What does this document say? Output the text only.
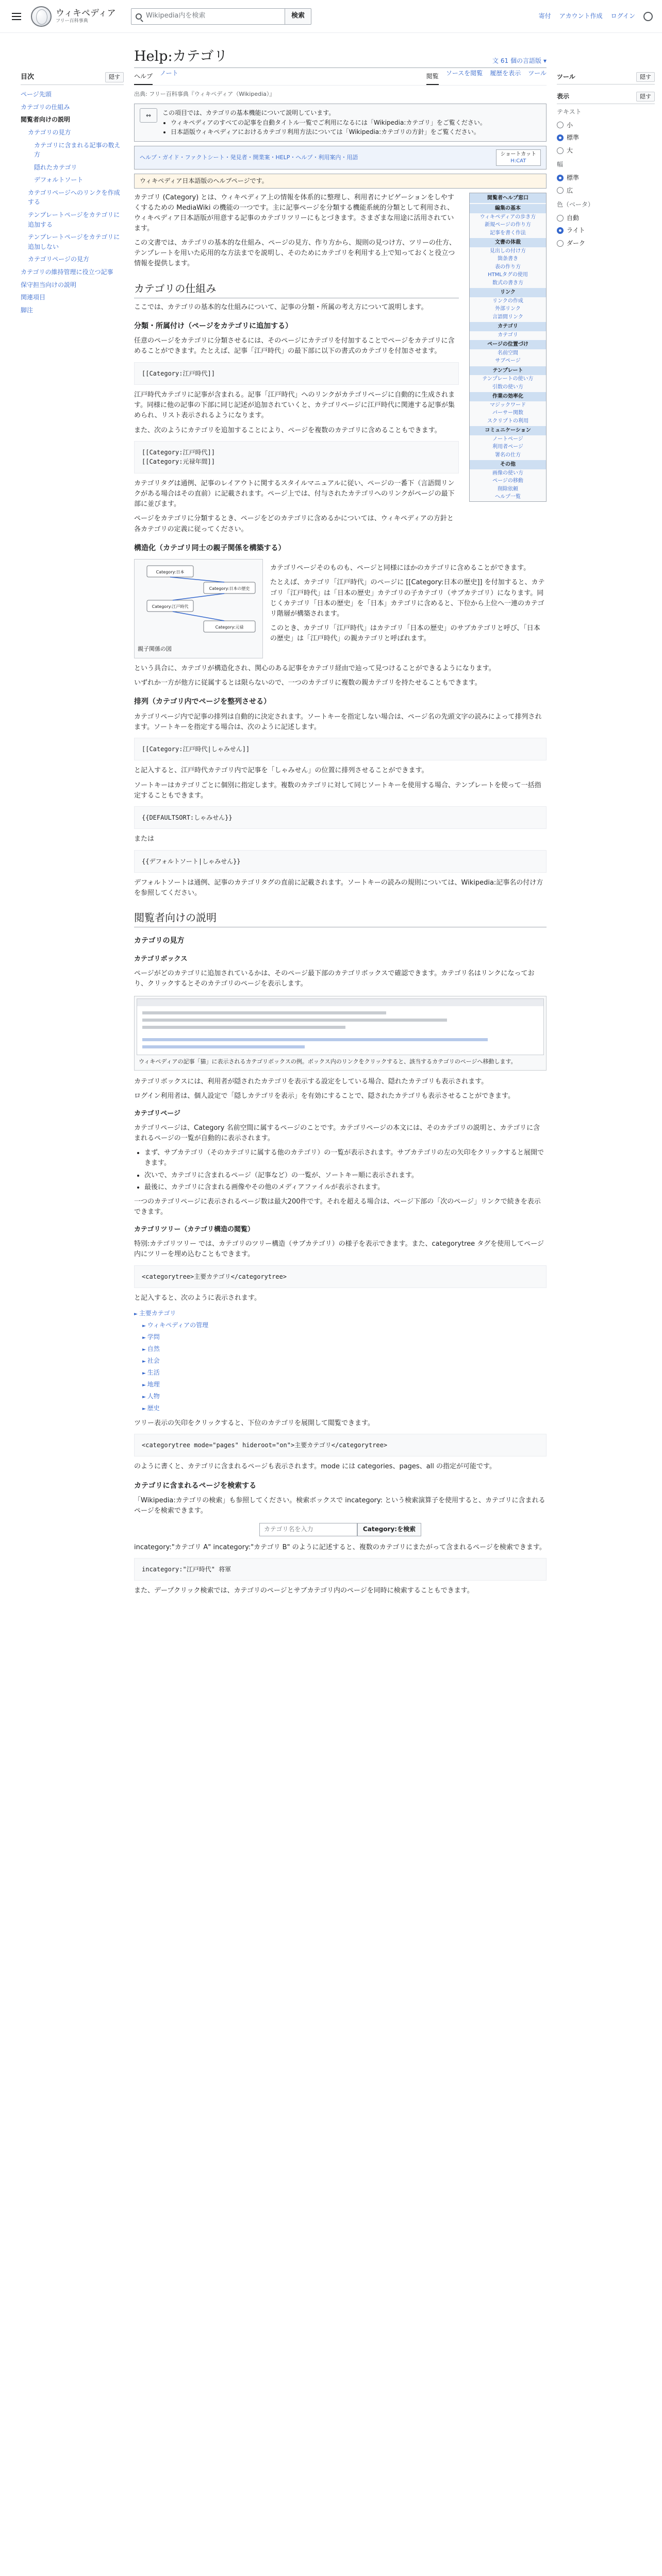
ウィキペディア
フリー百科事典
Wikipedia内を検索	検索	寄付 アカウント作成 ログイン
目次	隠す
ページ先頭
カテゴリの仕組み
閲覧者向けの説明
カテゴリの見方
カテゴリに含まれる記事の数え方
隠れたカテゴリ
デフォルトソート
カテゴリページへのリンクを作成する
テンプレートページをカテゴリに追加する
テンプレートページをカテゴリに追加しない
カテゴリページの見方
カテゴリの維持管理に役立つ記事
保守担当向けの説明
関連項目
脚注
ツール	隠す
表示	隠す
テキスト
小
標準
大
幅
標準
広
色（ベータ）
自動
ライト
ダーク
Help:カテゴリ	文 61 個の言語版 ▾
ヘルプ ノート	閲覧 ソースを閲覧 履歴を表示 ツール
出典: フリー百科事典『ウィキペディア（Wikipedia）』
↔	この項目では、カテゴリの基本機能について説明しています。
• ウィキペディアのすべての記事を自動タイトル一覧でご利用になるには「Wikipedia:カテゴリ」をご覧ください。
• 日本語版ウィキペディアにおけるカテゴリ利用方法については「Wikipedia:カテゴリの方針」をご覧ください。
ヘルプ・ガイド・ファクトシート・発見者・開業案・HELP・ヘルプ・利用案内・用語	ショートカット
H:CAT
ウィキペディア日本語版のヘルプページです。
閲覧者ヘルプ窓口
編集の基本
ウィキペディアの歩き方
新規ページの作り方
記事を書く作法
文書の体裁
見出しの付け方
箇条書き
表の作り方
HTMLタグの使用
数式の書き方
リンク
リンクの作成
外部リンク
言語間リンク
カテゴリ
カテゴリ
ページの位置づけ
名前空間
サブページ
テンプレート
テンプレートの使い方
引数の使い方
作業の効率化
マジックワード
パーサー関数
スクリプトの利用
コミュニケーション
ノートページ
利用者ページ
署名の仕方
その他
画像の使い方
ページの移動
削除依頼
ヘルプ一覧

カテゴリ (Category) とは、ウィキペディア上の情報を体系的に整理し、利用者にナビゲーションをしやすくするための MediaWiki の機能の一つです。主に記事ページを分類する機能系統的分類として利用され、ウィキペディア日本語版が用意する記事のカテゴリツリーにもとづきます。さまざまな用途に活用されています。

この文書では、カテゴリの基本的な仕組み、ページの見方、作り方から、規則の見つけ方、ツリーの仕方、テンプレートを用いた応用的な方法までを説明し、そのためにカテゴリを利用する上で知っておくと役立つ情報を提供します。

カテゴリの仕組み

ここでは、カテゴリの基本的な仕組みについて、記事の分類・所属の考え方について説明します。

分類・所属付け（ページをカテゴリに追加する）

任意のページをカテゴリに分類させるには、そのページにカテゴリを付加することでページをカテゴリに含めることができます。たとえば、記事「江戸時代」の最下部に以下の書式のカテゴリを付加させます。

[[Category:江戸時代]]

江戸時代カテゴリに記事が含まれる。記事「江戸時代」へのリンクがカテゴリページに自動的に生成されます。同様に他の記事の下部に同じ記述が追加されていくと、カテゴリページに江戸時代に関連する記事が集められ、リスト表示されるようになります。

また、次のようにカテゴリを追加することにより、ページを複数のカテゴリに含めることもできます。

[[Category:江戸時代]]
[[Category:元禄年間]]

カテゴリタグは通例、記事のレイアウトに関するスタイルマニュアルに従い、ページの一番下（言語間リンクがある場合はその直前）に記載されます。ページ上では、付与されたカテゴリへのリンクがページの最下部に並びます。

ページをカテゴリに分類するとき、ページをどのカテゴリに含めるかについては、ウィキペディアの方針と各カテゴリの定義に従ってください。

構造化（カテゴリ同士の親子関係を構築する）
Category:日本
Category:日本の歴史
Category:江戸時代
Category:元禄
親子関係の図

カテゴリページそのものも、ページと同様にほかのカテゴリに含めることができます。

たとえば、カテゴリ「江戸時代」のページに [[Category:日本の歴史]] を付加すると、カテゴリ「江戸時代」は「日本の歴史」カテゴリの子カテゴリ（サブカテゴリ）になります。同じくカテゴリ「日本の歴史」を「日本」カテゴリに含めると、下位から上位へ一連のカテゴリ階層が構築されます。

このとき、カテゴリ「江戸時代」はカテゴリ「日本の歴史」のサブカテゴリと呼び、「日本の歴史」は「江戸時代」の親カテゴリと呼ばれます。

という具合に、カテゴリが構造化され、関心のある記事をカテゴリ経由で辿って見つけることができるようになります。

いずれか一方が他方に従属するとは限らないので、一つのカテゴリに複数の親カテゴリを持たせることもできます。

排列（カテゴリ内でページを整列させる）

カテゴリページ内で記事の排列は自動的に決定されます。ソートキーを指定しない場合は、ページ名の先頭文字の読みによって排列されます。ソートキーを指定する場合は、次のように記述します。

[[Category:江戸時代|しゃみせん]]

と記入すると、江戸時代カテゴリ内で記事を「しゃみせん」の位置に排列させることができます。

ソートキーはカテゴリごとに個別に指定します。複数のカテゴリに対して同じソートキーを使用する場合、テンプレートを使って一括指定することもできます。

{{DEFAULTSORT:しゃみせん}}

または

{{デフォルトソート|しゃみせん}}

デフォルトソートは通例、記事のカテゴリタグの直前に記載されます。ソートキーの読みの規則については、Wikipedia:記事名の付け方を参照してください。

閲覧者向けの説明
カテゴリの見方
カテゴリボックス

ページがどのカテゴリに追加されているかは、そのページ最下部のカテゴリボックスで確認できます。カテゴリ名はリンクになっており、クリックするとそのカテゴリのページを表示します。

ウィキペディアの記事「猫」に表示されるカテゴリボックスの例。ボックス内のリンクをクリックすると、該当するカテゴリのページへ移動します。

カテゴリボックスには、利用者が隠されたカテゴリを表示する設定をしている場合、隠れたカテゴリも表示されます。

ログイン利用者は、個人設定で「隠しカテゴリを表示」を有効にすることで、隠されたカテゴリも表示させることができます。

カテゴリページ

カテゴリページは、Category 名前空間に属するページのことです。カテゴリページの本文には、そのカテゴリの説明と、カテゴリに含まれるページの一覧が自動的に表示されます。

• まず、サブカテゴリ（そのカテゴリに属する他のカテゴリ）の一覧が表示されます。サブカテゴリの左の矢印をクリックすると展開できます。
• 次いで、カテゴリに含まれるページ（記事など）の一覧が、ソートキー順に表示されます。
• 最後に、カテゴリに含まれる画像やその他のメディアファイルが表示されます。

一つのカテゴリページに表示されるページ数は最大200件です。それを超える場合は、ページ下部の「次のページ」リンクで続きを表示できます。

カテゴリツリー（カテゴリ構造の閲覧）

特別:カテゴリツリー では、カテゴリのツリー構造（サブカテゴリ）の様子を表示できます。また、categorytree タグを使用してページ内にツリーを埋め込むこともできます。

<categorytree>主要カテゴリ</categorytree>

と記入すると、次のように表示されます。

► 主要カテゴリ
► ウィキペディアの管理
► 学問
► 自然
► 社会
► 生活
► 地理
► 人物
► 歴史

ツリー表示の矢印をクリックすると、下位のカテゴリを展開して閲覧できます。

<categorytree mode="pages" hideroot="on">主要カテゴリ</categorytree>

のように書くと、カテゴリに含まれるページも表示されます。mode には categories、pages、all の指定が可能です。

カテゴリに含まれるページを検索する

「Wikipedia:カテゴリの検索」も参照してください。検索ボックスで incategory: という検索演算子を使用すると、カテゴリに含まれるページを検索できます。

カテゴリ名を入力	Category:を検索

incategory:"カテゴリ A" incategory:"カテゴリ B" のように記述すると、複数のカテゴリにまたがって含まれるページを検索できます。

incategory:"江戸時代" 将軍

また、デープクリック検索では、カテゴリのページとサブカテゴリ内のページを同時に検索することもできます。
